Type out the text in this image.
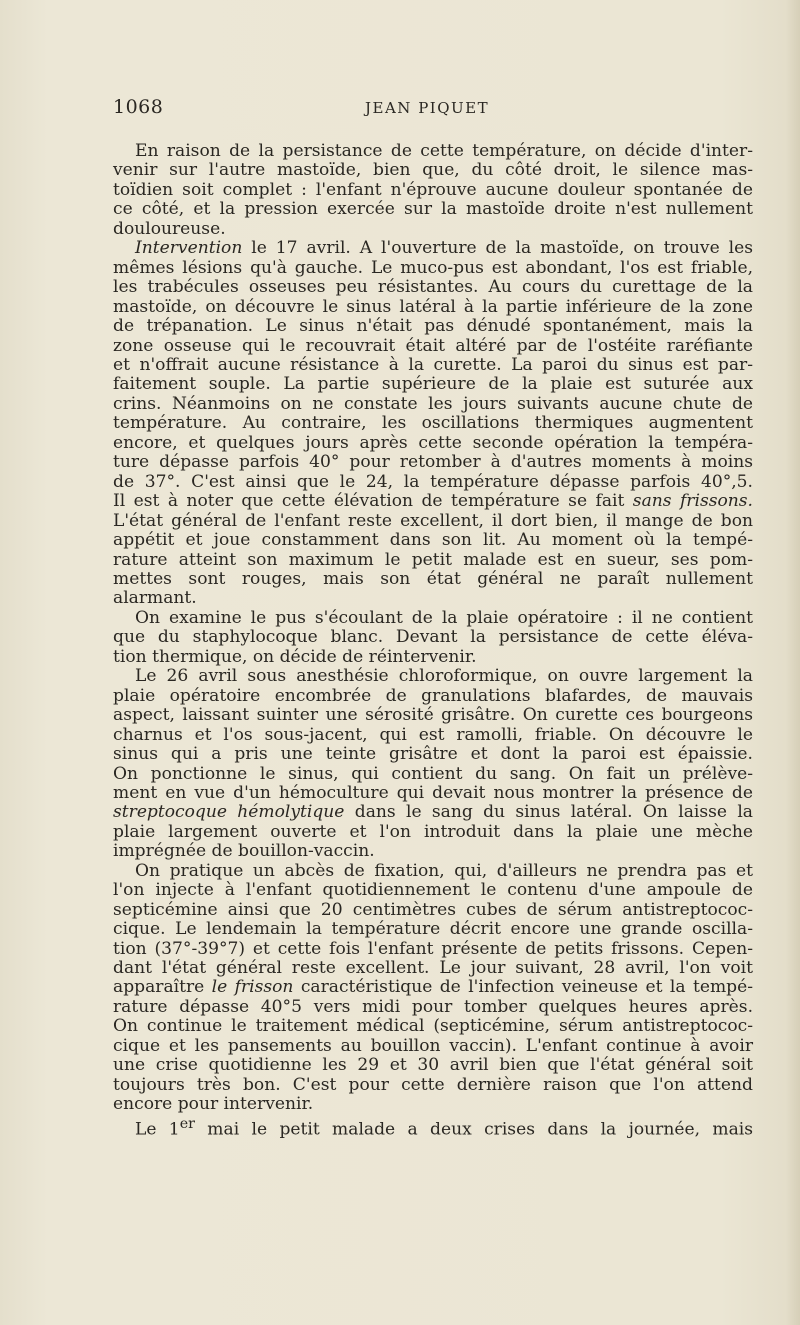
1068	JEAN PIQUET
En raison de la persistance de cette température, on décide d'inter-
venir sur l'autre mastoïde, bien que, du côté droit, le silence mas-
toïdien soit complet : l'enfant n'éprouve aucune douleur spontanée de
ce côté, et la pression exercée sur la mastoïde droite n'est nullement
douloureuse.
Intervention le 17 avril. A l'ouverture de la mastoïde, on trouve les
mêmes lésions qu'à gauche. Le muco-pus est abondant, l'os est friable,
les trabécules osseuses peu résistantes. Au cours du curettage de la
mastoïde, on découvre le sinus latéral à la partie inférieure de la zone
de trépanation. Le sinus n'était pas dénudé spontanément, mais la
zone osseuse qui le recouvrait était altéré par de l'ostéite raréfiante
et n'offrait aucune résistance à la curette. La paroi du sinus est par-
faitement souple. La partie supérieure de la plaie est suturée aux
crins. Néanmoins on ne constate les jours suivants aucune chute de
température. Au contraire, les oscillations thermiques augmentent
encore, et quelques jours après cette seconde opération la tempéra-
ture dépasse parfois 40° pour retomber à d'autres moments à moins
de 37°. C'est ainsi que le 24, la température dépasse parfois 40°,5.
Il est à noter que cette élévation de température se fait sans frissons.
L'état général de l'enfant reste excellent, il dort bien, il mange de bon
appétit et joue constamment dans son lit. Au moment où la tempé-
rature atteint son maximum le petit malade est en sueur, ses pom-
mettes sont rouges, mais son état général ne paraît nullement
alarmant.
On examine le pus s'écoulant de la plaie opératoire : il ne contient
que du staphylocoque blanc. Devant la persistance de cette éléva-
tion thermique, on décide de réintervenir.
Le 26 avril sous anesthésie chloroformique, on ouvre largement la
plaie opératoire encombrée de granulations blafardes, de mauvais
aspect, laissant suinter une sérosité grisâtre. On curette ces bourgeons
charnus et l'os sous-jacent, qui est ramolli, friable. On découvre le
sinus qui a pris une teinte grisâtre et dont la paroi est épaissie.
On ponctionne le sinus, qui contient du sang. On fait un prélève-
ment en vue d'un hémoculture qui devait nous montrer la présence de
streptocoque hémolytique dans le sang du sinus latéral. On laisse la
plaie largement ouverte et l'on introduit dans la plaie une mèche
imprégnée de bouillon-vaccin.
On pratique un abcès de fixation, qui, d'ailleurs ne prendra pas et
l'on injecte à l'enfant quotidiennement le contenu d'une ampoule de
septicémine ainsi que 20 centimètres cubes de sérum antistreptococ-
cique. Le lendemain la température décrit encore une grande oscilla-
tion (37°-39°7) et cette fois l'enfant présente de petits frissons. Cepen-
dant l'état général reste excellent. Le jour suivant, 28 avril, l'on voit
apparaître le frisson caractéristique de l'infection veineuse et la tempé-
rature dépasse 40°5 vers midi pour tomber quelques heures après.
On continue le traitement médical (septicémine, sérum antistreptococ-
cique et les pansements au bouillon vaccin). L'enfant continue à avoir
une crise quotidienne les 29 et 30 avril bien que l'état général soit
toujours très bon. C'est pour cette dernière raison que l'on attend
encore pour intervenir.
Le 1er mai le petit malade a deux crises dans la journée, mais
